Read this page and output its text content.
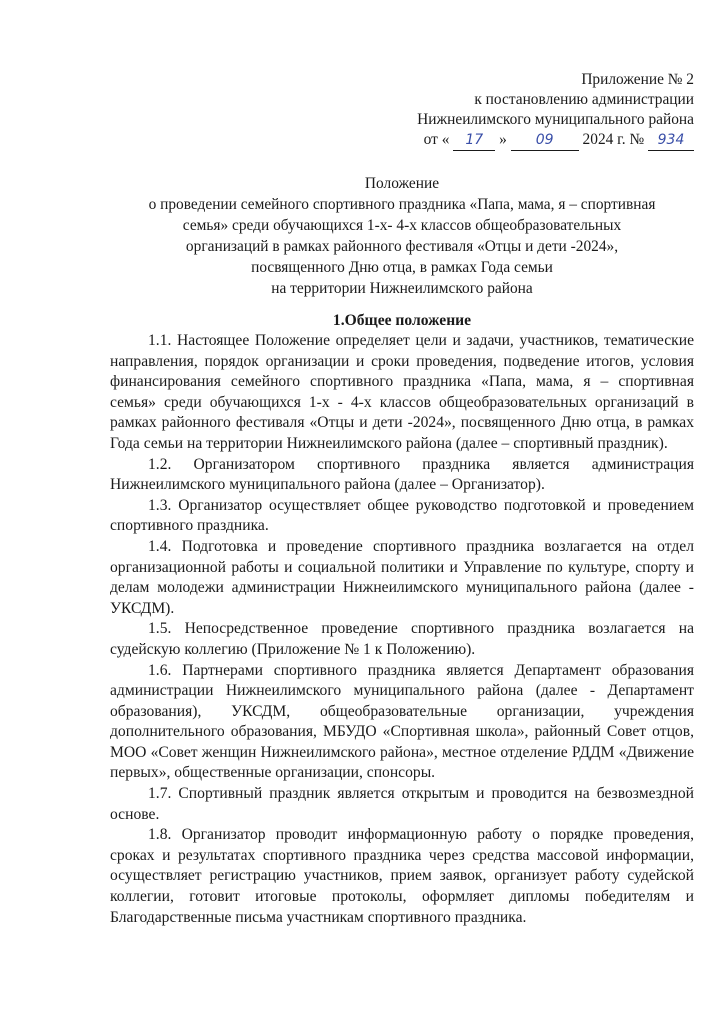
Приложение № 2
к постановлению администрации
Нижнеилимского муниципального района
от « 17 » 09 2024 г. № 934
Положение
о проведении семейного спортивного праздника «Папа, мама, я – спортивная
семья» среди обучающихся 1-х- 4-х классов общеобразовательных
организаций в рамках районного фестиваля «Отцы и дети -2024»,
посвященного Дню отца, в рамках Года семьи
на территории Нижнеилимского района
1.Общее положение

1.1. Настоящее Положение определяет цели и задачи, участников, тематические направления, порядок организации и сроки проведения, подведение итогов, условия финансирования семейного спортивного праздника «Папа, мама, я – спортивная семья» среди обучающихся 1-х - 4-х классов общеобразовательных организаций в рамках районного фестиваля «Отцы и дети -2024», посвященного Дню отца, в рамках Года семьи на территории Нижнеилимского района (далее – спортивный праздник).

1.2. Организатором спортивного праздника является администрация Нижнеилимского муниципального района (далее – Организатор).

1.3. Организатор осуществляет общее руководство подготовкой и проведением спортивного праздника.

1.4. Подготовка и проведение спортивного праздника возлагается на отдел организационной работы и социальной политики и Управление по культуре, спорту и делам молодежи администрации Нижнеилимского муниципального района (далее - УКСДМ).

1.5. Непосредственное проведение спортивного праздника возлагается на судейскую коллегию (Приложение № 1 к Положению).

1.6. Партнерами спортивного праздника является Департамент образования администрации Нижнеилимского муниципального района (далее - Департамент образования), УКСДМ, общеобразовательные организации, учреждения дополнительного образования, МБУДО «Спортивная школа», районный Совет отцов, МОО «Совет женщин Нижнеилимского района», местное отделение РДДМ «Движение первых», общественные организации, спонсоры.

1.7. Спортивный праздник является открытым и проводится на безвозмездной основе.

1.8. Организатор проводит информационную работу о порядке проведения, сроках и результатах спортивного праздника через средства массовой информации, осуществляет регистрацию участников, прием заявок, организует работу судейской коллегии, готовит итоговые протоколы, оформляет дипломы победителям и Благодарственные письма участникам спортивного праздника.
